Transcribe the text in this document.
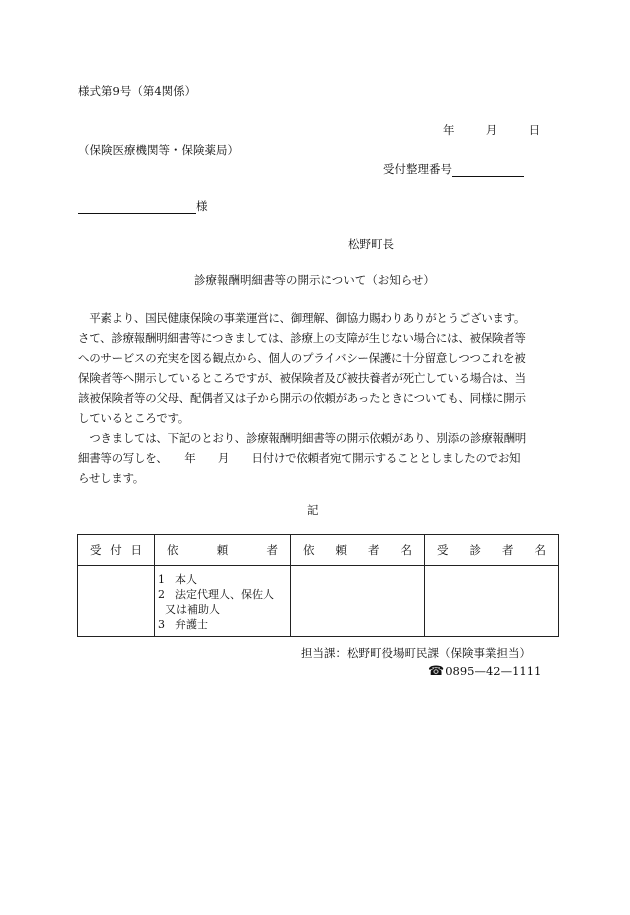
様式第9号（第4関係）
年	月	日
（保険医療機関等・保険薬局）
受付整理番号
様
松野町長
診療報酬明細書等の開示について（お知らせ）
　平素より、国民健康保険の事業運営に、御理解、御協力賜わりありがとうございます。
さて、診療報酬明細書等につきましては、診療上の支障が生じない場合には、被保険者等
へのサービスの充実を図る観点から、個人のプライバシー保護に十分留意しつつこれを被
保険者等へ開示しているところですが、被保険者及び被扶養者が死亡している場合は、当
該被保険者等の父母、配偶者又は子から開示の依頼があったときについても、同様に開示
しているところです。
　つきましては、下記のとおり、診療報酬明細書等の開示依頼があり、別添の診療報酬明
細書等の写しを、　　年　　月　　日付けで依頼者宛て開示することとしましたのでお知
らせします。
記
受 付 日	依 頼 者	依 頼 者 名	受 診 者 名

	1 本人
2 法定代理人、保佐人
又は補助人
3 弁護士		

担当課：松野町役場町民課（保険事業担当）
☎0895—42—1111
